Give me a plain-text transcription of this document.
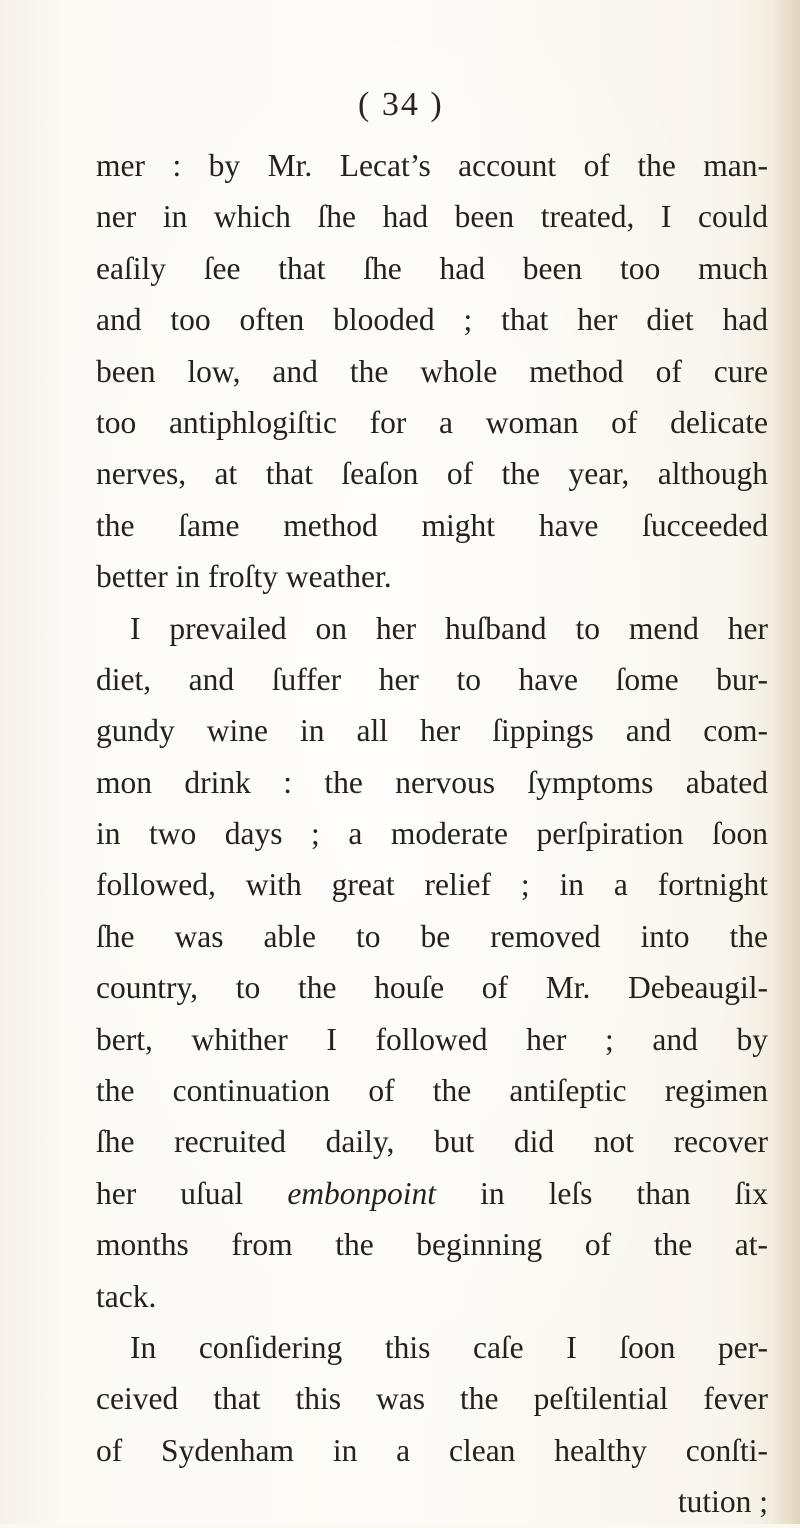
( 34 )
mer : by Mr. Lecat’s account of the man-
ner in which ſhe had been treated, I could
eaſily ſee that ſhe had been too much
and too often blooded ; that her diet had
been low, and the whole method of cure
too antiphlogiſtic for a woman of delicate
nerves, at that ſeaſon of the year, although
the ſame method might have ſucceeded
better in froſty weather.
I prevailed on her huſband to mend her
diet, and ſuffer her to have ſome bur-
gundy wine in all her ſippings and com-
mon drink : the nervous ſymptoms abated
in two days ; a moderate perſpiration ſoon
followed, with great relief ; in a fortnight
ſhe was able to be removed into the
country, to the houſe of Mr. Debeaugil-
bert, whither I followed her ; and by
the continuation of the antiſeptic regimen
ſhe recruited daily, but did not recover
her uſual embonpoint in leſs than ſix
months from the beginning of the at-
tack.
In conſidering this caſe I ſoon per-
ceived that this was the peſtilential fever
of Sydenham in a clean healthy conſti-
tution ;
